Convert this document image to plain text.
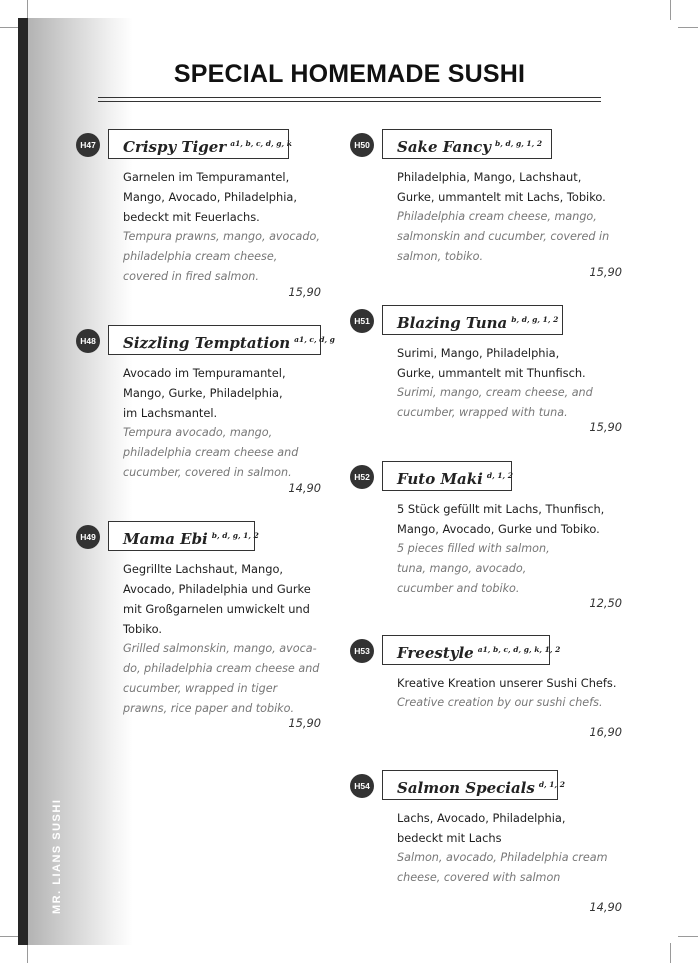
MR. LIANS SUSHI
SPECIAL HOMEMADE SUSHI
H47	Crispy Tiger $^{a1, b, c, d, g, k}$

Garnelen im Tempuramantel,
Mango, Avocado, Philadelphia,
bedeckt mit Feuerlachs.

Tempura prawns, mango, avocado,
philadelphia cream cheese,
covered in fired salmon.

15,90
H48	Sizzling Temptation $^{a1, c, d, g}$

Avocado im Tempuramantel,
Mango, Gurke, Philadelphia,
im Lachsmantel.

Tempura avocado, mango,
philadelphia cream cheese and
cucumber, covered in salmon.

14,90
H49	Mama Ebi $^{b, d, g, 1, 2}$

Gegrillte Lachshaut, Mango,
Avocado, Philadelphia und Gurke
mit Großgarnelen umwickelt und
Tobiko.

Grilled salmonskin, mango, avoca-
do, philadelphia cream cheese and
cucumber, wrapped in tiger
prawns, rice paper and tobiko.

15,90
H50	Sake Fancy $^{b, d, g, 1, 2}$

Philadelphia, Mango, Lachshaut,
Gurke, ummantelt mit Lachs, Tobiko.

Philadelphia cream cheese, mango,
salmonskin and cucumber, covered in
salmon, tobiko.

15,90
H51	Blazing Tuna $^{b, d, g, 1, 2}$

Surimi, Mango, Philadelphia,
Gurke, ummantelt mit Thunfisch.

Surimi, mango, cream cheese, and
cucumber, wrapped with tuna.

15,90
H52	Futo Maki $^{d, 1, 2}$

5 Stück gefüllt mit Lachs, Thunfisch,
Mango, Avocado, Gurke und Tobiko.

5 pieces filled with salmon,
tuna, mango, avocado,
cucumber and tobiko.

12,50
H53	Freestyle $^{a1, b, c, d, g, k, 1, 2}$

Kreative Kreation unserer Sushi Chefs.

Creative creation by our sushi chefs.

16,90
H54	Salmon Specials $^{d, 1, 2}$

Lachs, Avocado, Philadelphia,
bedeckt mit Lachs

Salmon, avocado, Philadelphia cream
cheese, covered with salmon

14,90
